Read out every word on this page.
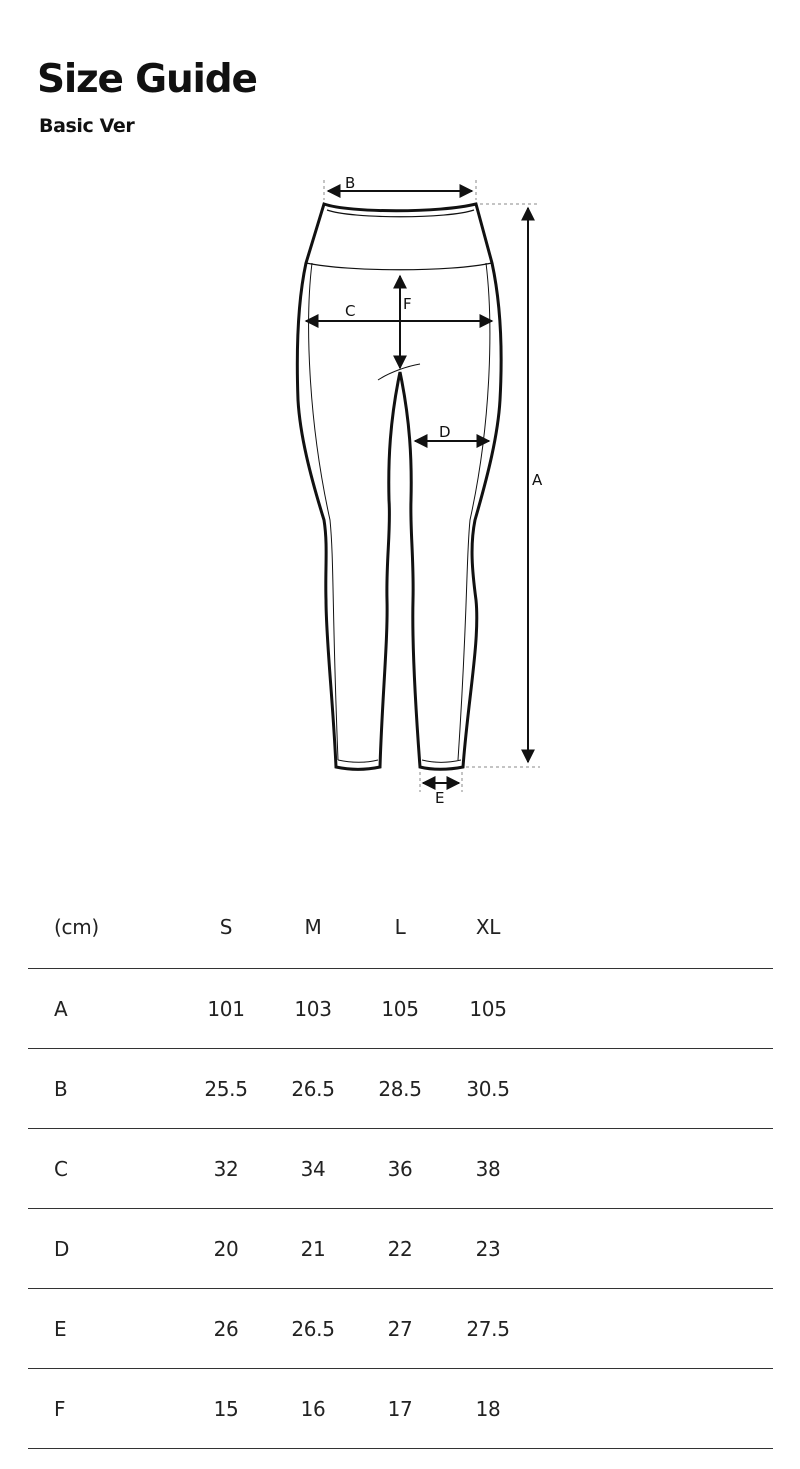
Size Guide
Basic Ver
B
C	F
D
A
E
(cm)	S	M	L	XL
A	101	103	105	105
B	25.5	26.5	28.5	30.5
C	32	34	36	38
D	20	21	22	23
E	26	26.5	27	27.5
F	15	16	17	18
